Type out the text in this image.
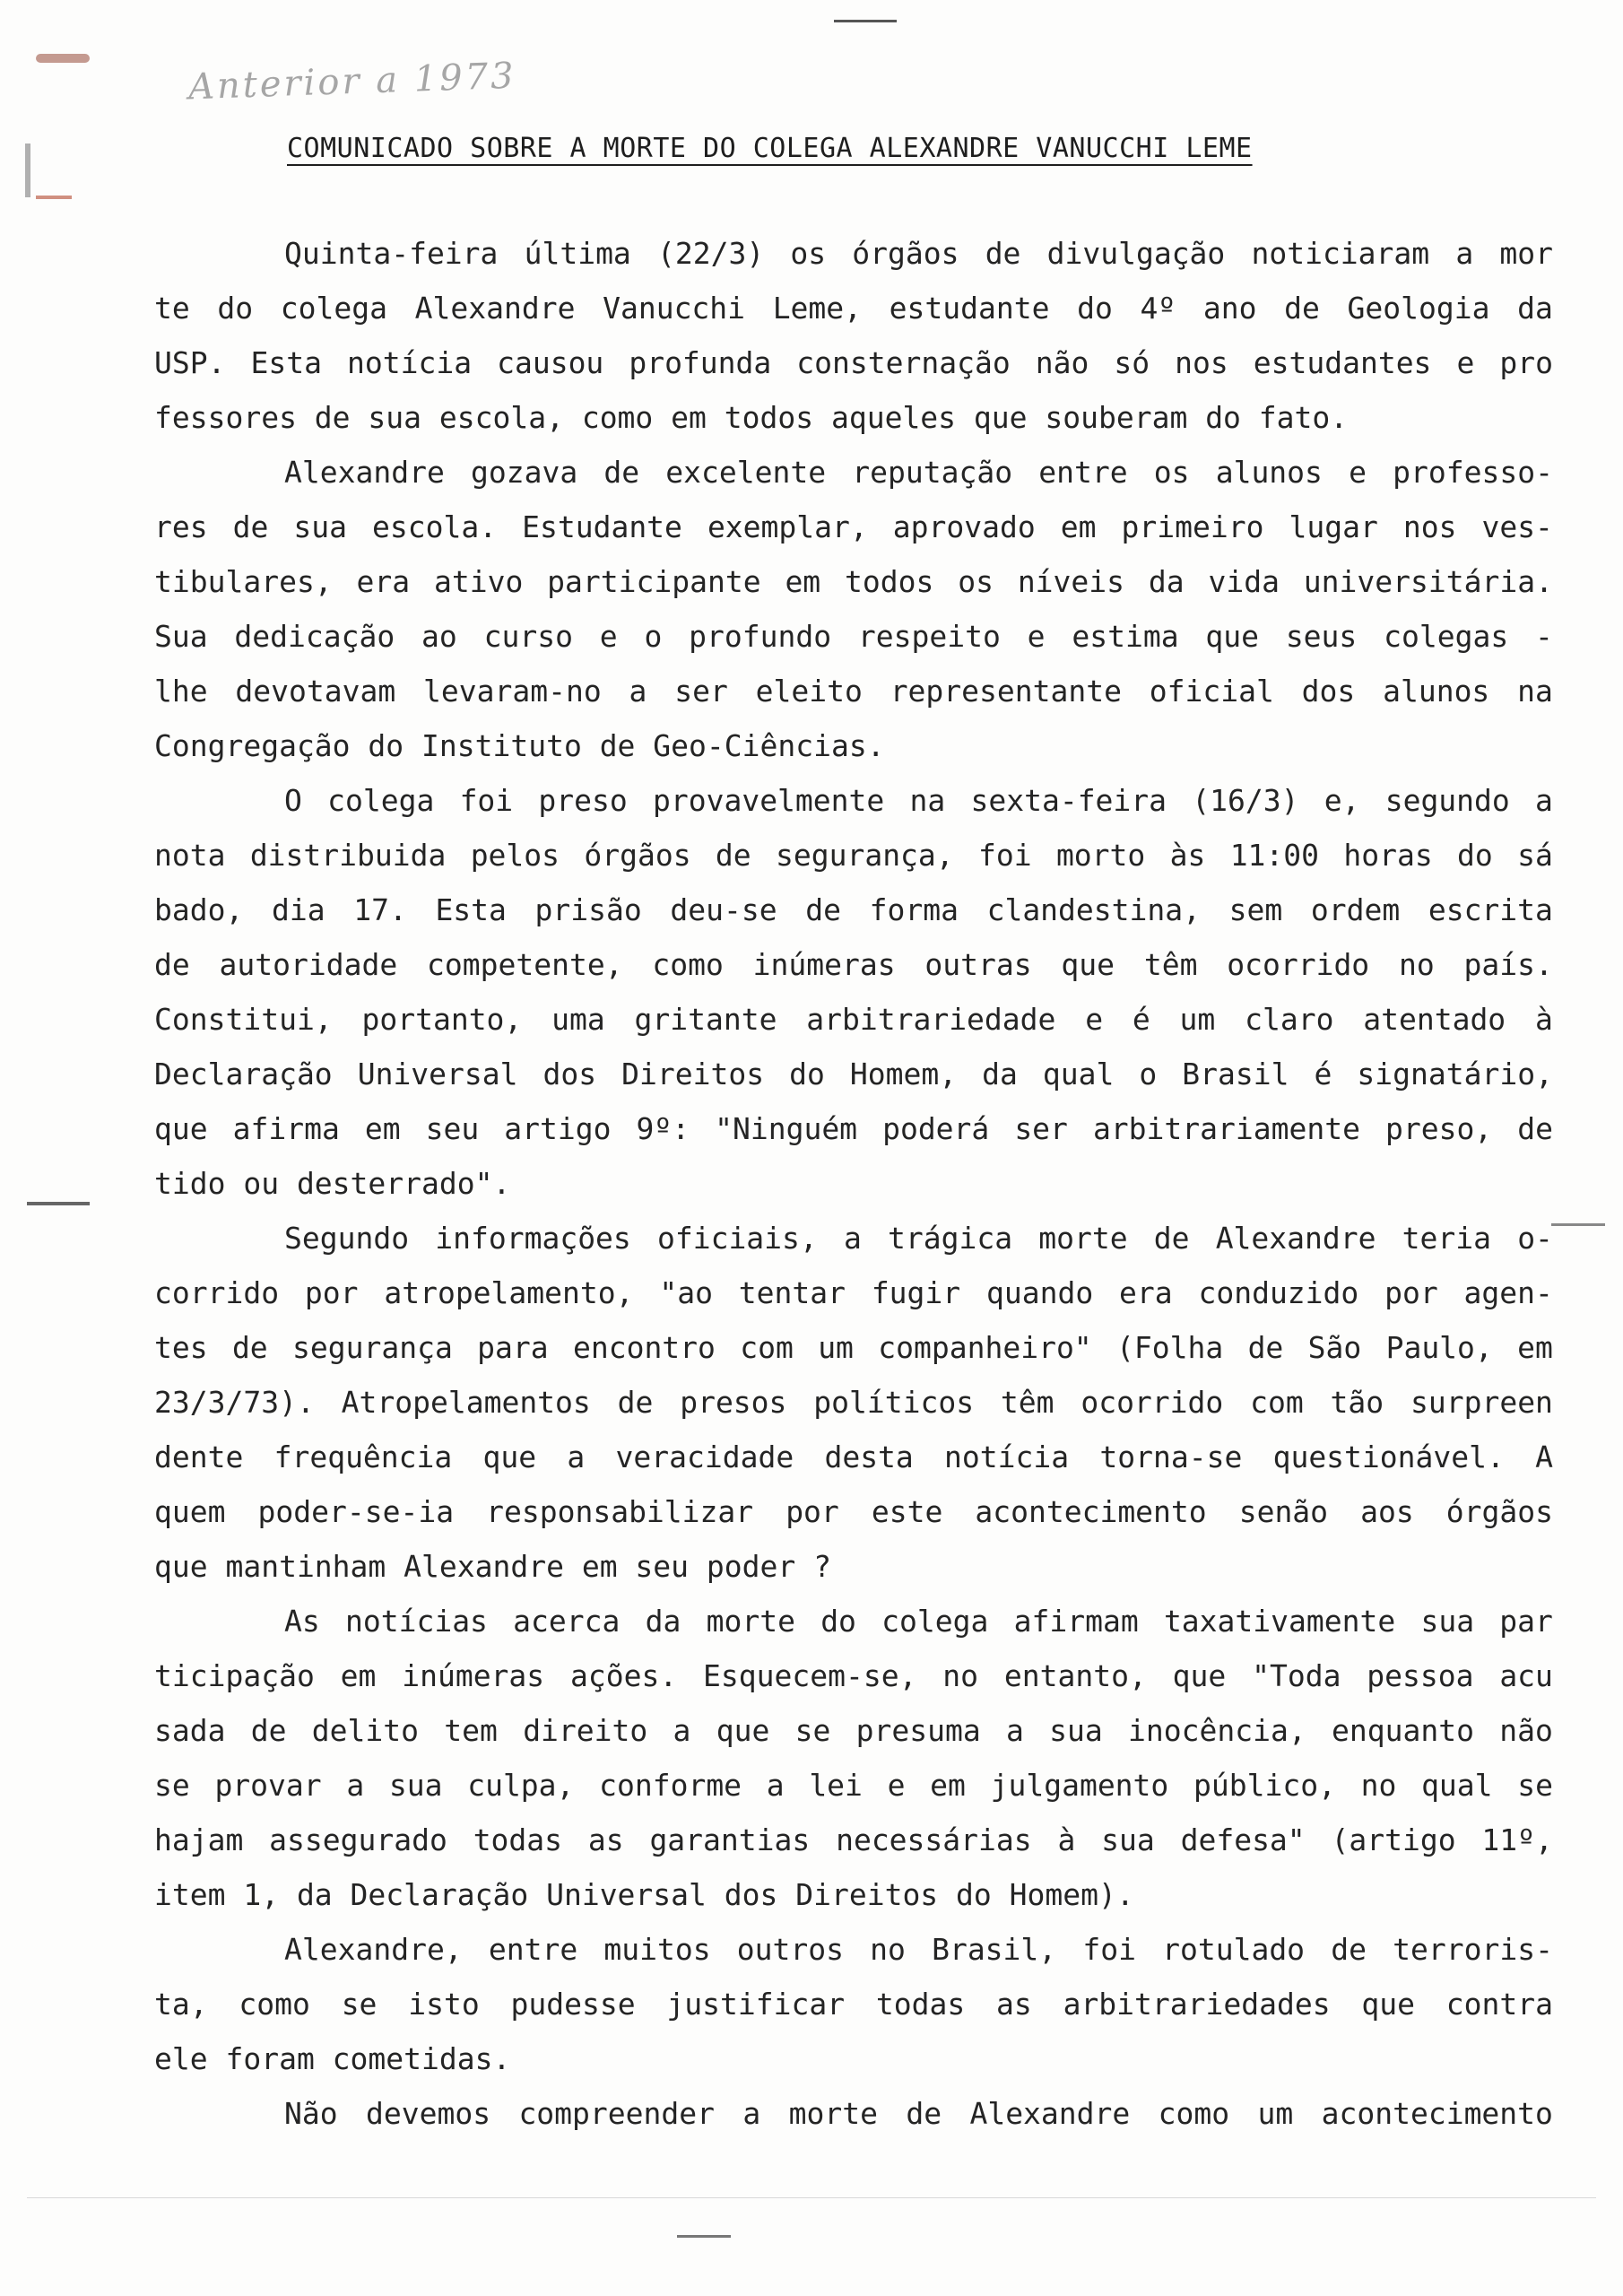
Anterior a 1973
COMUNICADO SOBRE A MORTE DO COLEGA ALEXANDRE VANUCCHI LEME
Quinta-feira última (22/3) os órgãos de divulgação noticiaram a mor
te do colega Alexandre Vanucchi Leme, estudante do 4º ano de Geologia da
USP. Esta notícia causou profunda consternação não só nos estudantes e pro
fessores de sua escola, como em todos aqueles que souberam do fato.
Alexandre gozava de excelente reputação entre os alunos e professo-
res de sua escola. Estudante exemplar, aprovado em primeiro lugar nos ves-
tibulares, era ativo participante em todos os níveis da vida universitária.
Sua dedicação ao curso e o profundo respeito e estima que seus colegas -
lhe devotavam levaram-no a ser eleito representante oficial dos alunos na
Congregação do Instituto de Geo-Ciências.
O colega foi preso provavelmente na sexta-feira (16/3) e, segundo a
nota distribuida pelos órgãos de segurança, foi morto às 11:00 horas do sá
bado, dia 17. Esta prisão deu-se de forma clandestina, sem ordem escrita
de autoridade competente, como inúmeras outras que têm ocorrido no país.
Constitui, portanto, uma gritante arbitrariedade e é um claro atentado à
Declaração Universal dos Direitos do Homem, da qual o Brasil é signatário,
que afirma em seu artigo 9º: "Ninguém poderá ser arbitrariamente preso, de
tido ou desterrado".
Segundo informações oficiais, a trágica morte de Alexandre teria o-
corrido por atropelamento, "ao tentar fugir quando era conduzido por agen-
tes de segurança para encontro com um companheiro" (Folha de São Paulo, em
23/3/73). Atropelamentos de presos políticos têm ocorrido com tão surpreen
dente frequência que a veracidade desta notícia torna-se questionável. A
quem poder-se-ia responsabilizar por este acontecimento senão aos órgãos
que mantinham Alexandre em seu poder ?
As notícias acerca da morte do colega afirmam taxativamente sua par
ticipação em inúmeras ações. Esquecem-se, no entanto, que "Toda pessoa acu
sada de delito tem direito a que se presuma a sua inocência, enquanto não
se provar a sua culpa, conforme a lei e em julgamento público, no qual se
hajam assegurado todas as garantias necessárias à sua defesa" (artigo 11º,
item 1, da Declaração Universal dos Direitos do Homem).
Alexandre, entre muitos outros no Brasil, foi rotulado de terroris-
ta, como se isto pudesse justificar todas as arbitrariedades que contra
ele foram cometidas.
Não devemos compreender a morte de Alexandre como um acontecimento
